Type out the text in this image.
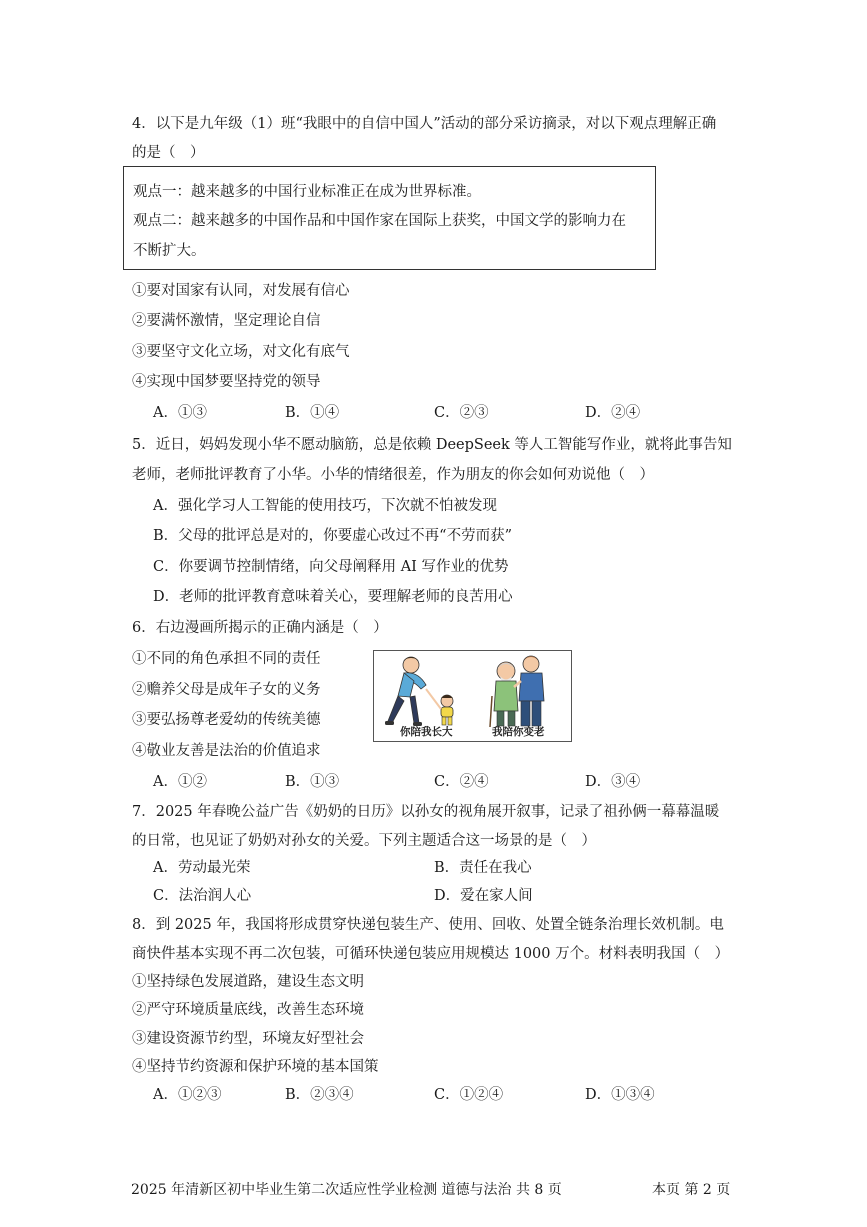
4．以下是九年级（1）班“我眼中的自信中国人”活动的部分采访摘录，对以下观点理解正确
的是（　）
观点一：越来越多的中国行业标准正在成为世界标准。
观点二：越来越多的中国作品和中国作家在国际上获奖，中国文学的影响力在
不断扩大。
①要对国家有认同，对发展有信心
②要满怀激情，坚定理论自信
③要坚守文化立场，对文化有底气
④实现中国梦要坚持党的领导
A．①③	B．①④	C．②③	D．②④
5．近日，妈妈发现小华不愿动脑筋，总是依赖 DeepSeek 等人工智能写作业，就将此事告知
老师，老师批评教育了小华。小华的情绪很差，作为朋友的你会如何劝说他（　）
A．强化学习人工智能的使用技巧，下次就不怕被发现
B．父母的批评总是对的，你要虚心改过不再“不劳而获”
C．你要调节控制情绪，向父母阐释用 AI 写作业的优势
D．老师的批评教育意味着关心，要理解老师的良苦用心
6．右边漫画所揭示的正确内涵是（　）
①不同的角色承担不同的责任
②赡养父母是成年子女的义务
③要弘扬尊老爱幼的传统美德
④敬业友善是法治的价值追求
你陪我长大	我陪你变老
A．①②	B．①③	C．②④	D．③④
7．2025 年春晚公益广告《奶奶的日历》以孙女的视角展开叙事，记录了祖孙俩一幕幕温暖
的日常，也见证了奶奶对孙女的关爱。下列主题适合这一场景的是（　）
A．劳动最光荣	B．责任在我心
C．法治润人心	D．爱在家人间
8．到 2025 年，我国将形成贯穿快递包装生产、使用、回收、处置全链条治理长效机制。电
商快件基本实现不再二次包装，可循环快递包装应用规模达 1000 万个。材料表明我国（　）
①坚持绿色发展道路，建设生态文明
②严守环境质量底线，改善生态环境
③建设资源节约型，环境友好型社会
④坚持节约资源和保护环境的基本国策
A．①②③	B．②③④	C．①②④	D．①③④
2025 年清新区初中毕业生第二次适应性学业检测 道德与法治 共 8 页	本页 第 2 页
